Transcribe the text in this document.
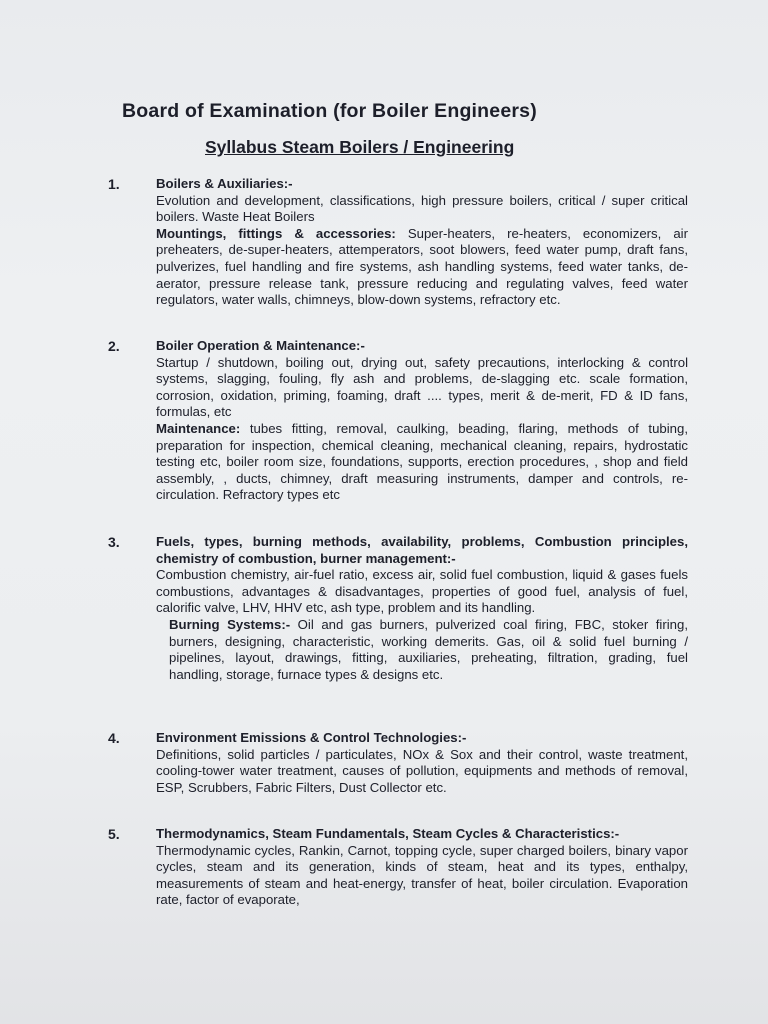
Board of Examination (for Boiler Engineers)
Syllabus Steam Boilers / Engineering
1.	Boilers & Auxiliaries:-
Evolution and development, classifications, high pressure boilers, critical / super critical boilers. Waste Heat Boilers
Mountings, fittings & accessories: Super-heaters, re-heaters, economizers, air preheaters, de-super-heaters, attemperators, soot blowers, feed water pump, draft fans, pulverizes, fuel handling and fire systems, ash handling systems, feed water tanks, de-aerator, pressure release tank, pressure reducing and regulating valves, feed water regulators, water walls, chimneys, blow-down systems, refractory etc.
2.	Boiler Operation & Maintenance:-
Startup / shutdown, boiling out, drying out, safety precautions, interlocking & control systems, slagging, fouling, fly ash and problems, de-slagging etc. scale formation, corrosion, oxidation, priming, foaming, draft .... types, merit & de-merit, FD & ID fans, formulas, etc
Maintenance: tubes fitting, removal, caulking, beading, flaring, methods of tubing, preparation for inspection, chemical cleaning, mechanical cleaning, repairs, hydrostatic testing etc, boiler room size, foundations, supports, erection procedures, , shop and field assembly, , ducts, chimney, draft measuring instruments, damper and controls, re-circulation. Refractory types etc
3.	Fuels, types, burning methods, availability, problems, Combustion principles, chemistry of combustion, burner management:-
Combustion chemistry, air-fuel ratio, excess air, solid fuel combustion, liquid & gases fuels combustions, advantages & disadvantages, properties of good fuel, analysis of fuel, calorific valve, LHV, HHV etc, ash type, problem and its handling.
Burning Systems:- Oil and gas burners, pulverized coal firing, FBC, stoker firing, burners, designing, characteristic, working demerits. Gas, oil & solid fuel burning / pipelines, layout, drawings, fitting, auxiliaries, preheating, filtration, grading, fuel handling, storage, furnace types & designs etc.
4.	Environment Emissions & Control Technologies:-
Definitions, solid particles / particulates, NOx & Sox and their control, waste treatment, cooling-tower water treatment, causes of pollution, equipments and methods of removal, ESP, Scrubbers, Fabric Filters, Dust Collector etc.
5.	Thermodynamics, Steam Fundamentals, Steam Cycles & Characteristics:-
Thermodynamic cycles, Rankin, Carnot, topping cycle, super charged boilers, binary vapor cycles, steam and its generation, kinds of steam, heat and its types, enthalpy, measurements of steam and heat-energy, transfer of heat, boiler circulation. Evaporation rate, factor of evaporate,
